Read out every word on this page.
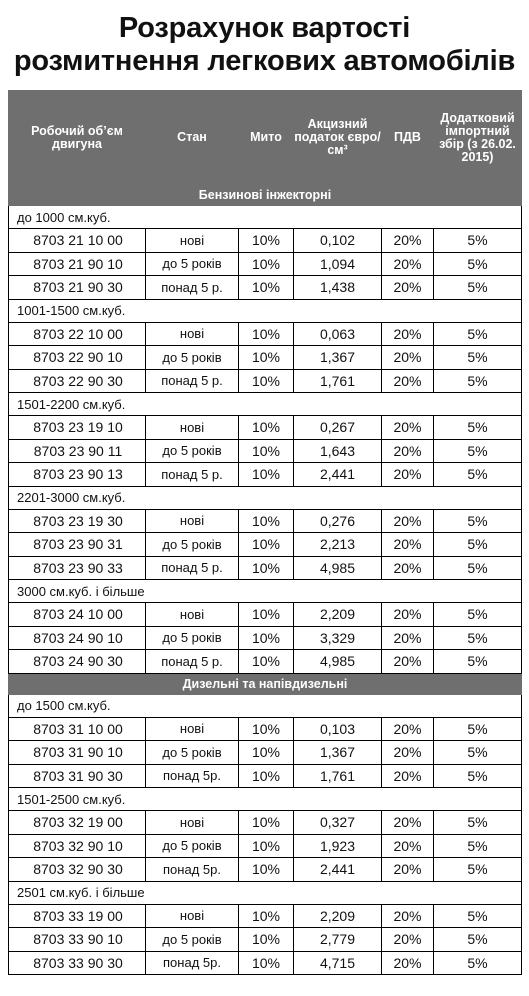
Розрахунок вартості
розмитнення легкових автомобілів
Робочий об’єм двигуна	Стан	Мито	Акцизний податок євро/см³	ПДВ	Додатковий імпортний збір (з 26.02. 2015)
Бензинові інжекторні					
до 1000 см.куб.					
8703 21 10 00	нові	10%	0,102	20%	5%
8703 21 90 10	до 5 років	10%	1,094	20%	5%
8703 21 90 30	понад 5 р.	10%	1,438	20%	5%
1001-1500 см.куб.					
8703 22 10 00	нові	10%	0,063	20%	5%
8703 22 90 10	до 5 років	10%	1,367	20%	5%
8703 22 90 30	понад 5 р.	10%	1,761	20%	5%
1501-2200 см.куб.					
8703 23 19 10	нові	10%	0,267	20%	5%
8703 23 90 11	до 5 років	10%	1,643	20%	5%
8703 23 90 13	понад 5 р.	10%	2,441	20%	5%
2201-3000 см.куб.					
8703 23 19 30	нові	10%	0,276	20%	5%
8703 23 90 31	до 5 років	10%	2,213	20%	5%
8703 23 90 33	понад 5 р.	10%	4,985	20%	5%
3000 см.куб. і більше					
8703 24 10 00	нові	10%	2,209	20%	5%
8703 24 90 10	до 5 років	10%	3,329	20%	5%
8703 24 90 30	понад 5 р.	10%	4,985	20%	5%
Дизельні та напівдизельні					
до 1500 см.куб.					
8703 31 10 00	нові	10%	0,103	20%	5%
8703 31 90 10	до 5 років	10%	1,367	20%	5%
8703 31 90 30	понад 5р.	10%	1,761	20%	5%
1501-2500 см.куб.					
8703 32 19 00	нові	10%	0,327	20%	5%
8703 32 90 10	до 5 років	10%	1,923	20%	5%
8703 32 90 30	понад 5р.	10%	2,441	20%	5%
2501 см.куб. і більше					
8703 33 19 00	нові	10%	2,209	20%	5%
8703 33 90 10	до 5 років	10%	2,779	20%	5%
8703 33 90 30	понад 5р.	10%	4,715	20%	5%
